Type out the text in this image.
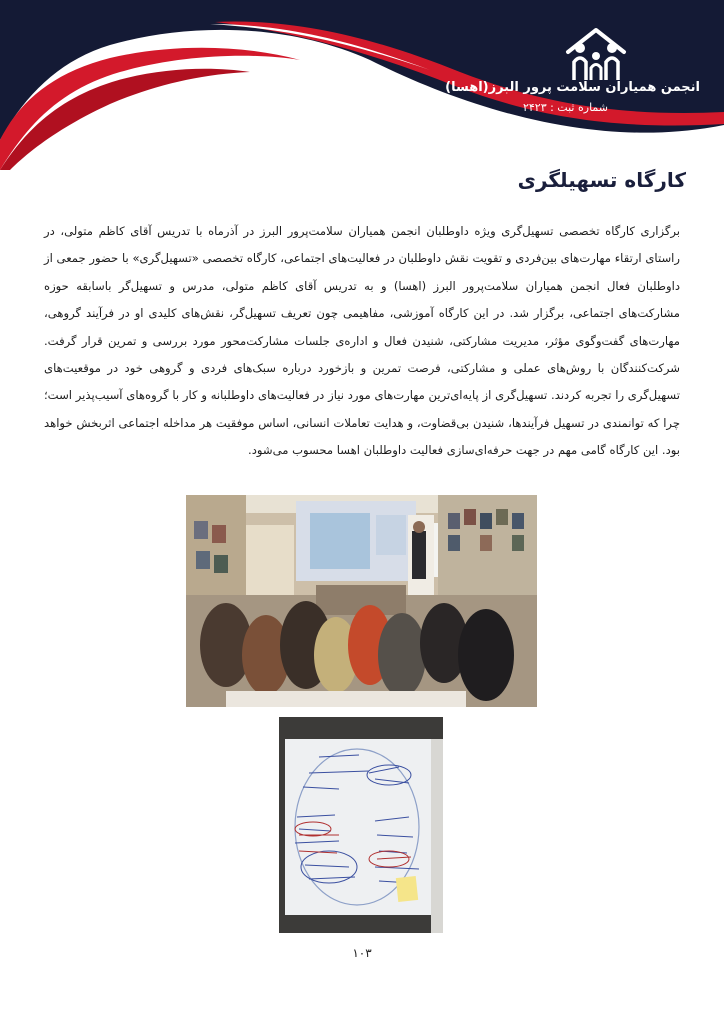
انجمن همیاران سلامت پرور البرز(اهسا)
شماره ثبت : ۲۴۲۳
کارگاه تسهیلگری

برگزاری کارگاه تخصصی تسهیل‌گری ویژه داوطلبان انجمن همیاران سلامت‌پرور البرز در آذرماه با تدریس آقای کاظم متولی، در راستای ارتقاء مهارت‌های بین‌فردی و تقویت نقش داوطلبان در فعالیت‌های اجتماعی، کارگاه تخصصی «تسهیل‌گری» با حضور جمعی از داوطلبان فعال انجمن همیاران سلامت‌پرور البرز (اهسا) و به تدریس آقای کاظم متولی، مدرس و تسهیل‌گر باسابقه حوزه مشارکت‌های اجتماعی، برگزار شد. در این کارگاه آموزشی، مفاهیمی چون تعریف تسهیل‌گر، نقش‌های کلیدی او در فرآیند گروهی، مهارت‌های گفت‌وگوی مؤثر، مدیریت مشارکتی، شنیدن فعال و اداره‌ی جلسات مشارکت‌محور مورد بررسی و تمرین قرار گرفت. شرکت‌کنندگان با روش‌های عملی و مشارکتی، فرصت تمرین و بازخورد درباره سبک‌های فردی و گروهی خود در موقعیت‌های تسهیل‌گری را تجربه کردند. تسهیل‌گری از پایه‌ای‌ترین مهارت‌های مورد نیاز در فعالیت‌های داوطلبانه و کار با گروه‌های آسیب‌پذیر است؛ چرا که توانمندی در تسهیل فرآیندها، شنیدن بی‌قضاوت، و هدایت تعاملات انسانی، اساس موفقیت هر مداخله اجتماعی اثربخش خواهد بود. این کارگاه گامی مهم در جهت حرفه‌ای‌سازی فعالیت داوطلبان اهسا محسوب می‌شود.

۱۰۳
